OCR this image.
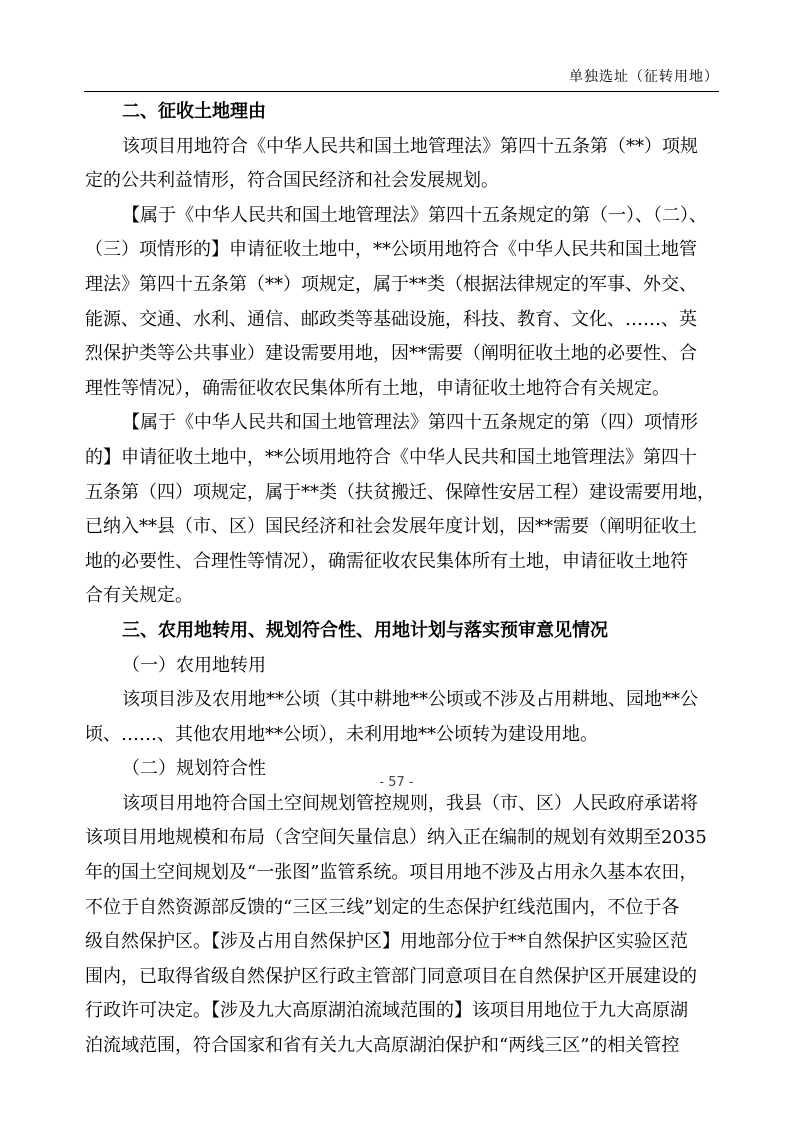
单独选址（征转用地）
二、征收土地理由
该项目用地符合《中华人民共和国土地管理法》第四十五条第（**）项规
定的公共利益情形，符合国民经济和社会发展规划。
【属于《中华人民共和国土地管理法》第四十五条规定的第（一）、（二）、
（三）项情形的】申请征收土地中，**公顷用地符合《中华人民共和国土地管
理法》第四十五条第（**）项规定，属于**类（根据法律规定的军事、外交、
能源、交通、水利、通信、邮政类等基础设施，科技、教育、文化、……、英
烈保护类等公共事业）建设需要用地，因**需要（阐明征收土地的必要性、合
理性等情况），确需征收农民集体所有土地，申请征收土地符合有关规定。
【属于《中华人民共和国土地管理法》第四十五条规定的第（四）项情形
的】申请征收土地中，**公顷用地符合《中华人民共和国土地管理法》第四十
五条第（四）项规定，属于**类（扶贫搬迁、保障性安居工程）建设需要用地，
已纳入**县（市、区）国民经济和社会发展年度计划，因**需要（阐明征收土
地的必要性、合理性等情况），确需征收农民集体所有土地，申请征收土地符
合有关规定。
三、农用地转用、规划符合性、用地计划与落实预审意见情况
（一）农用地转用
该项目涉及农用地**公顷（其中耕地**公顷或不涉及占用耕地、园地**公
顷、……、其他农用地**公顷），未利用地**公顷转为建设用地。
（二）规划符合性
该项目用地符合国土空间规划管控规则，我县（市、区）人民政府承诺将
该项目用地规模和布局（含空间矢量信息）纳入正在编制的规划有效期至2035
年的国土空间规划及“一张图”监管系统。项目用地不涉及占用永久基本农田，
不位于自然资源部反馈的“三区三线”划定的生态保护红线范围内，不位于各
级自然保护区。【涉及占用自然保护区】用地部分位于**自然保护区实验区范
围内，已取得省级自然保护区行政主管部门同意项目在自然保护区开展建设的
行政许可决定。【涉及九大高原湖泊流域范围的】该项目用地位于九大高原湖
泊流域范围，符合国家和省有关九大高原湖泊保护和“两线三区”的相关管控
- 57 -
